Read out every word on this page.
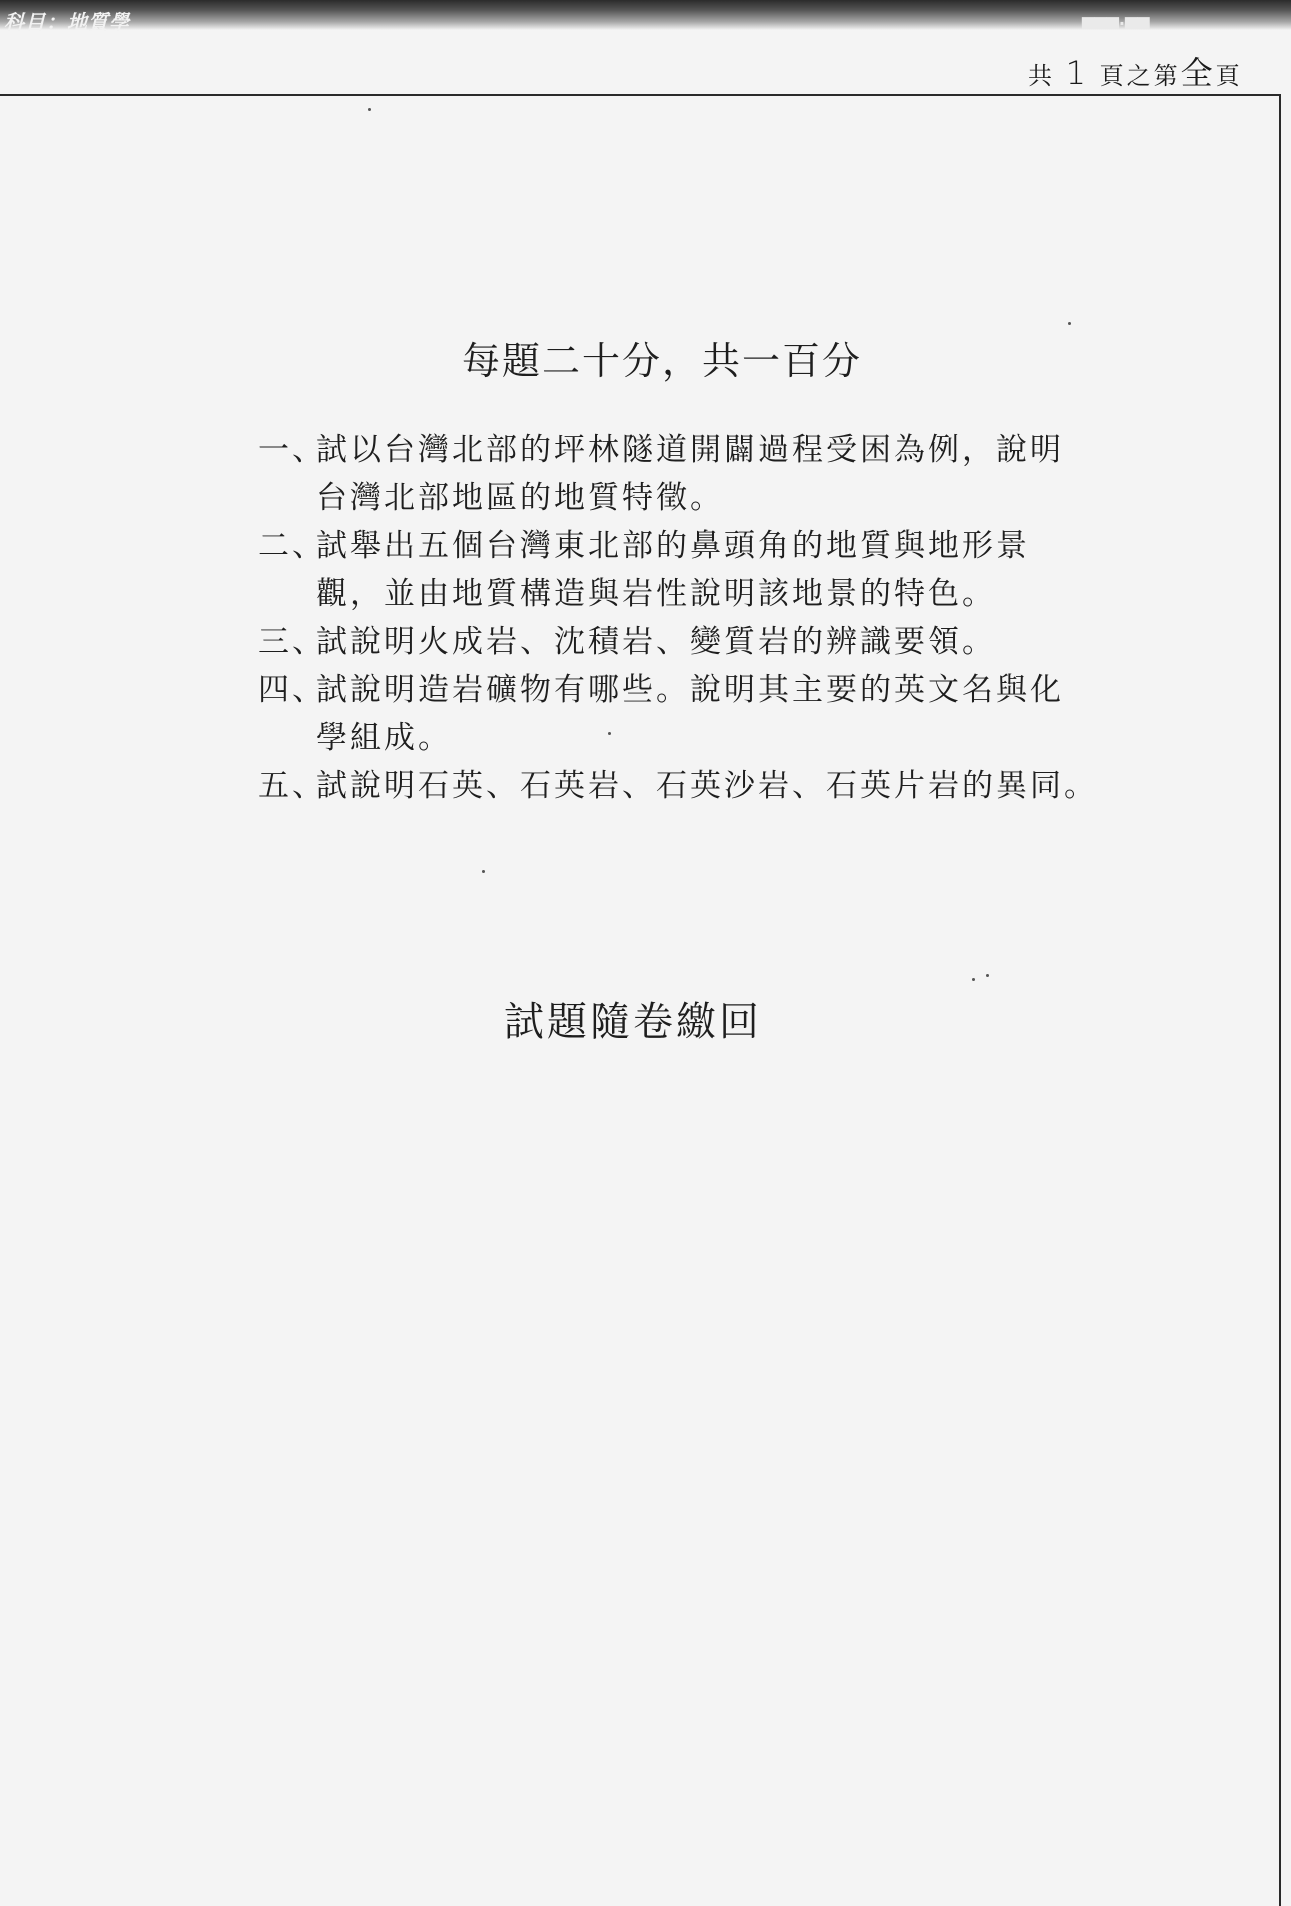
科目：地質學	▅▅▅.▅▅
共 1 頁之第全頁
每題二十分，共一百分
一、
試以台灣北部的坪林隧道開闢過程受困為例，說明
台灣北部地區的地質特徵。
二、
試舉出五個台灣東北部的鼻頭角的地質與地形景
觀，並由地質構造與岩性說明該地景的特色。
三、
試說明火成岩、沈積岩、變質岩的辨識要領。
四、
試說明造岩礦物有哪些。說明其主要的英文名與化
學組成。
五、
試說明石英、石英岩、石英沙岩、石英片岩的異同。
試題隨卷繳回
